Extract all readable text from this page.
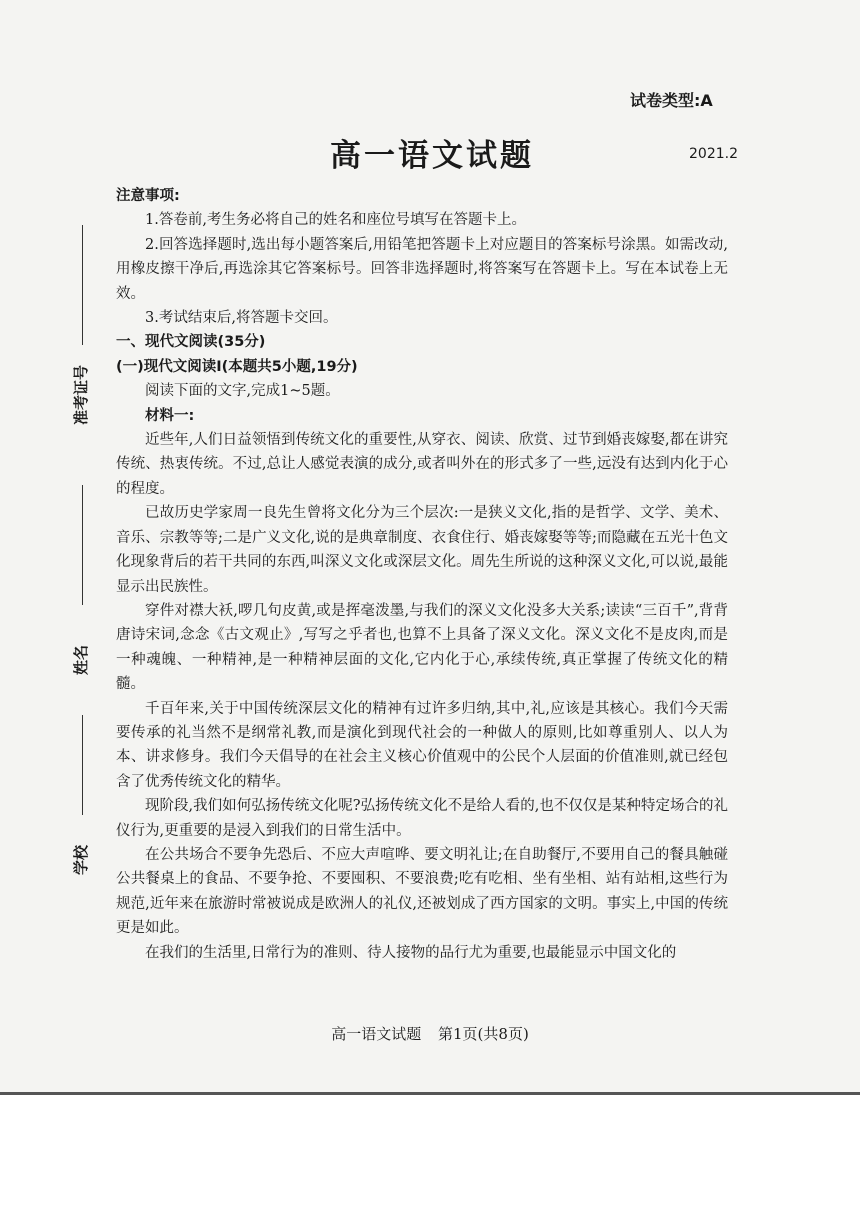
准考证号
姓名
学校
试卷类型:A
高一语文试题	2021.2

注意事项:

1.答卷前,考生务必将自己的姓名和座位号填写在答题卡上。

2.回答选择题时,选出每小题答案后,用铅笔把答题卡上对应题目的答案标号涂黑。如需改动,用橡皮擦干净后,再选涂其它答案标号。回答非选择题时,将答案写在答题卡上。写在本试卷上无效。

3.考试结束后,将答题卡交回。

一、现代文阅读(35分)

(一)现代文阅读Ⅰ(本题共5小题,19分)

阅读下面的文字,完成1~5题。

材料一:

近些年,人们日益领悟到传统文化的重要性,从穿衣、阅读、欣赏、过节到婚丧嫁娶,都在讲究传统、热衷传统。不过,总让人感觉表演的成分,或者叫外在的形式多了一些,远没有达到内化于心的程度。

已故历史学家周一良先生曾将文化分为三个层次:一是狭义文化,指的是哲学、文学、美术、音乐、宗教等等;二是广义文化,说的是典章制度、衣食住行、婚丧嫁娶等等;而隐藏在五光十色文化现象背后的若干共同的东西,叫深义文化或深层文化。周先生所说的这种深义文化,可以说,最能显示出民族性。

穿件对襟大袄,啰几句皮黄,或是挥毫泼墨,与我们的深义文化没多大关系;读读“三百千”,背背唐诗宋词,念念《古文观止》,写写之乎者也,也算不上具备了深义文化。深义文化不是皮肉,而是一种魂魄、一种精神,是一种精神层面的文化,它内化于心,承续传统,真正掌握了传统文化的精髓。

千百年来,关于中国传统深层文化的精神有过许多归纳,其中,礼,应该是其核心。我们今天需要传承的礼当然不是纲常礼教,而是演化到现代社会的一种做人的原则,比如尊重别人、以人为本、讲求修身。我们今天倡导的在社会主义核心价值观中的公民个人层面的价值准则,就已经包含了优秀传统文化的精华。

现阶段,我们如何弘扬传统文化呢?弘扬传统文化不是给人看的,也不仅仅是某种特定场合的礼仪行为,更重要的是浸入到我们的日常生活中。

在公共场合不要争先恐后、不应大声喧哗、要文明礼让;在自助餐厅,不要用自己的餐具触碰公共餐桌上的食品、不要争抢、不要囤积、不要浪费;吃有吃相、坐有坐相、站有站相,这些行为规范,近年来在旅游时常被说成是欧洲人的礼仪,还被划成了西方国家的文明。事实上,中国的传统更是如此。

在我们的生活里,日常行为的准则、待人接物的品行尤为重要,也最能显示中国文化的

高一语文试题 第1页(共8页)
